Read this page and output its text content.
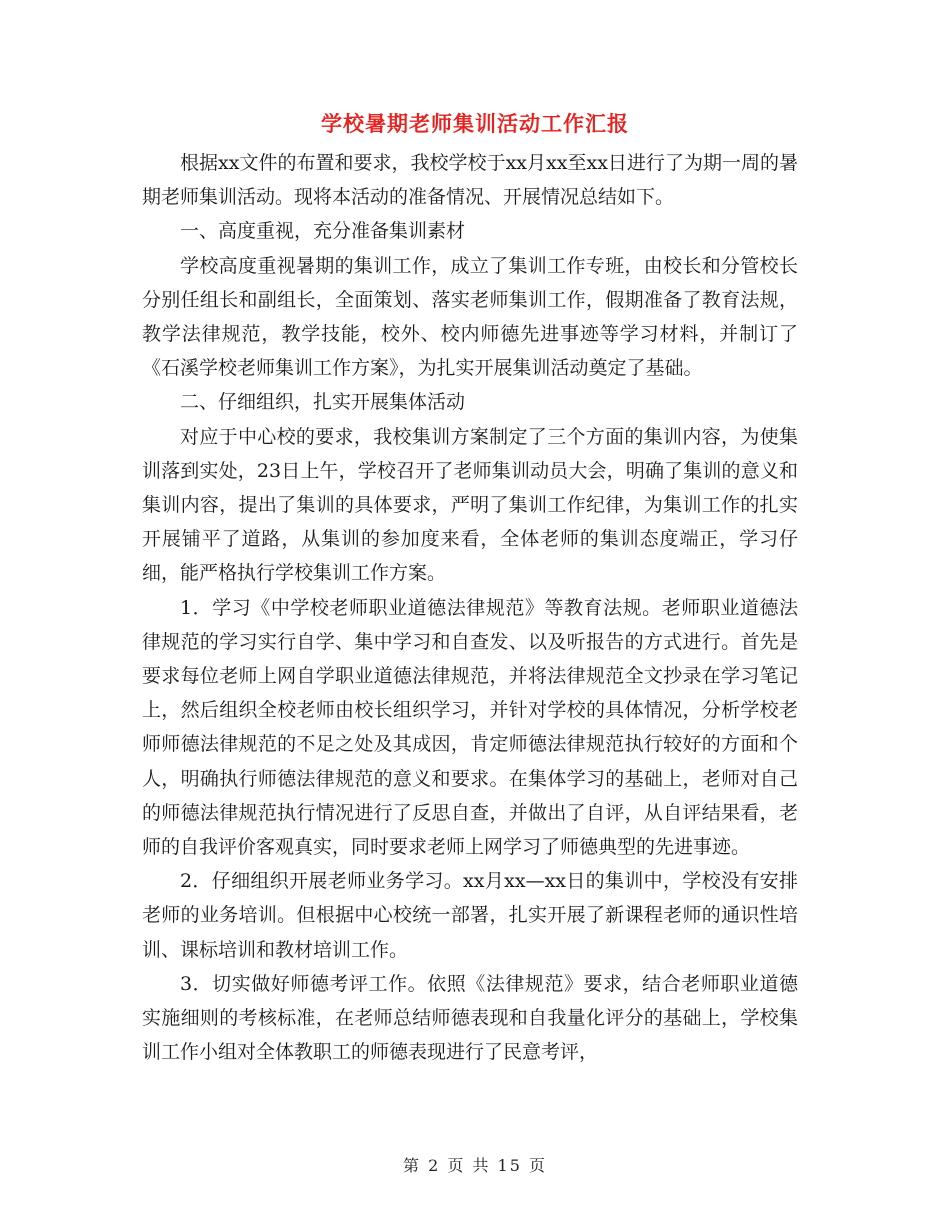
学校暑期老师集训活动工作汇报

根据xx文件的布置和要求，我校学校于xx月xx至xx日进行了为期一周的暑期老师集训活动。现将本活动的准备情况、开展情况总结如下。

一、高度重视，充分准备集训素材

学校高度重视暑期的集训工作，成立了集训工作专班，由校长和分管校长分别任组长和副组长，全面策划、落实老师集训工作，假期准备了教育法规，教学法律规范，教学技能，校外、校内师德先进事迹等学习材料，并制订了《石溪学校老师集训工作方案》，为扎实开展集训活动奠定了基础。

二、仔细组织，扎实开展集体活动

对应于中心校的要求，我校集训方案制定了三个方面的集训内容，为使集训落到实处，23日上午，学校召开了老师集训动员大会，明确了集训的意义和集训内容，提出了集训的具体要求，严明了集训工作纪律，为集训工作的扎实开展铺平了道路，从集训的参加度来看，全体老师的集训态度端正，学习仔细，能严格执行学校集训工作方案。

1．学习《中学校老师职业道德法律规范》等教育法规。老师职业道德法律规范的学习实行自学、集中学习和自查发、以及听报告的方式进行。首先是要求每位老师上网自学职业道德法律规范，并将法律规范全文抄录在学习笔记上，然后组织全校老师由校长组织学习，并针对学校的具体情况，分析学校老师师德法律规范的不足之处及其成因，肯定师德法律规范执行较好的方面和个人，明确执行师德法律规范的意义和要求。在集体学习的基础上，老师对自己的师德法律规范执行情况进行了反思自查，并做出了自评，从自评结果看，老师的自我评价客观真实，同时要求老师上网学习了师德典型的先进事迹。

2．仔细组织开展老师业务学习。xx月xx—xx日的集训中，学校没有安排老师的业务培训。但根据中心校统一部署，扎实开展了新课程老师的通识性培训、课标培训和教材培训工作。

3．切实做好师德考评工作。依照《法律规范》要求，结合老师职业道德实施细则的考核标准，在老师总结师德表现和自我量化评分的基础上，学校集训工作小组对全体教职工的师德表现进行了民意考评，

第 2 页 共 15 页
